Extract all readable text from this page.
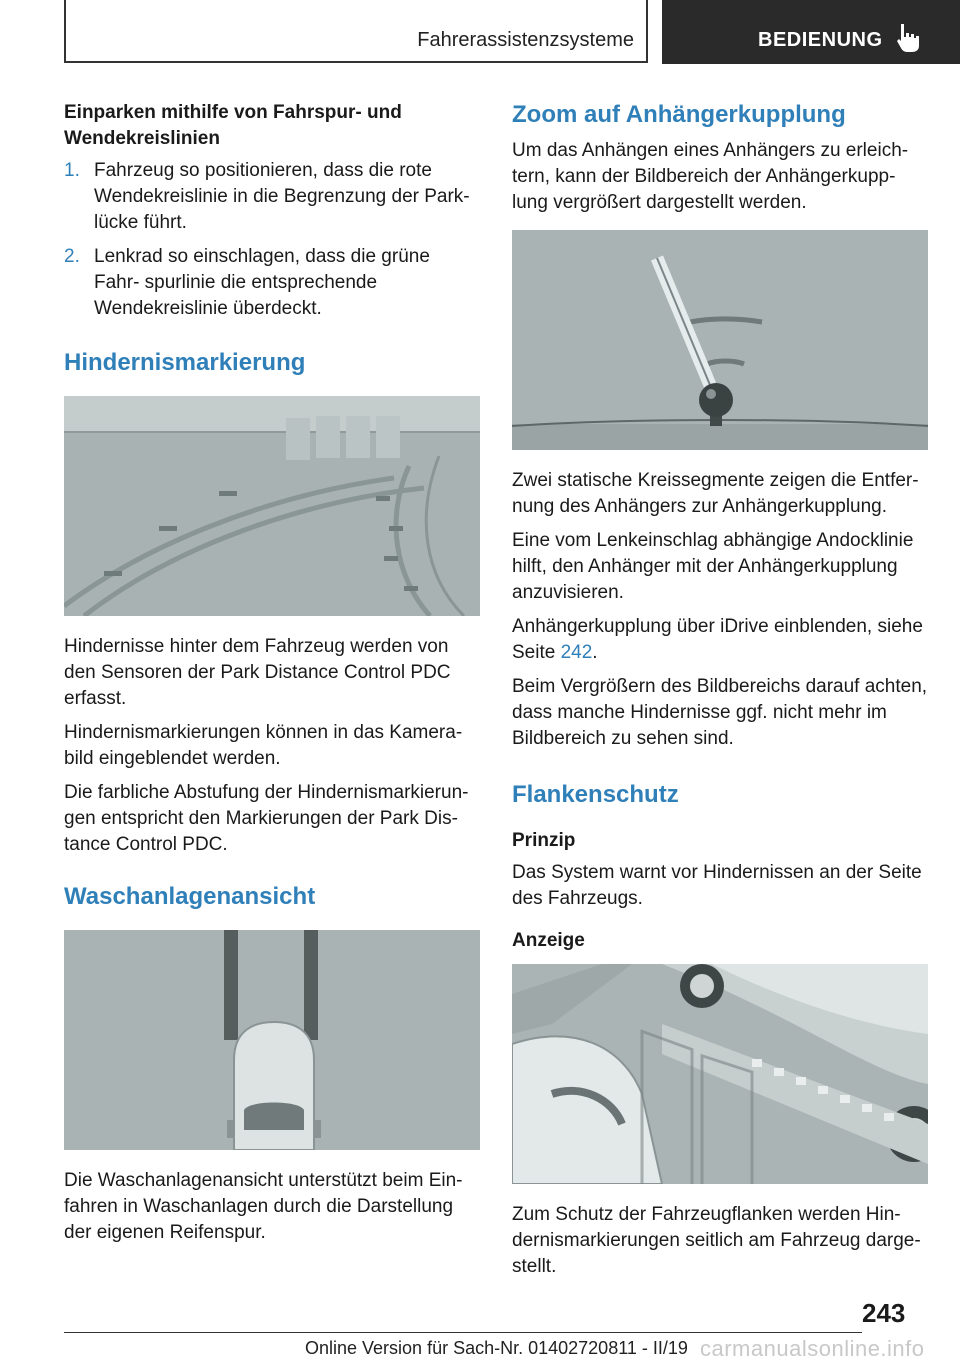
Fahrerassistenzsysteme	BEDIENUNG
Einparken mithilfe von Fahrspur- und Wendekreislinien
1. Fahrzeug so positionieren, dass die rote Wendekreislinie in die Begrenzung der Park‐ lücke führt.
2. Lenkrad so einschlagen, dass die grüne Fahr‐ spurlinie die entsprechende Wendekreislinie überdeckt.
Hindernismarkierung

Hindernisse hinter dem Fahrzeug werden von den Sensoren der Park Distance Control PDC erfasst.

Hindernismarkierungen können in das Kamera‐ bild eingeblendet werden.

Die farbliche Abstufung der Hindernismarkierun‐ gen entspricht den Markierungen der Park Dis‐ tance Control PDC.

Waschanlagenansicht

Die Waschanlagenansicht unterstützt beim Ein‐ fahren in Waschanlagen durch die Darstellung der eigenen Reifenspur.

Zoom auf Anhängerkupplung

Um das Anhängen eines Anhängers zu erleich‐ tern, kann der Bildbereich der Anhängerkupp‐ lung vergrößert dargestellt werden.

Zwei statische Kreissegmente zeigen die Entfer‐ nung des Anhängers zur Anhängerkupplung.

Eine vom Lenkeinschlag abhängige Andocklinie hilft, den Anhänger mit der Anhängerkupplung anzuvisieren.

Anhängerkupplung über iDrive einblenden, siehe Seite 242.

Beim Vergrößern des Bildbereichs darauf achten, dass manche Hindernisse ggf. nicht mehr im Bildbereich zu sehen sind.

Flankenschutz
Prinzip

Das System warnt vor Hindernissen an der Seite des Fahrzeugs.

Anzeige

Zum Schutz der Fahrzeugflanken werden Hin‐ dernismarkierungen seitlich am Fahrzeug darge‐ stellt.

243
Online Version für Sach-Nr. 01402720811 - II/19 carmanualsonline.info
